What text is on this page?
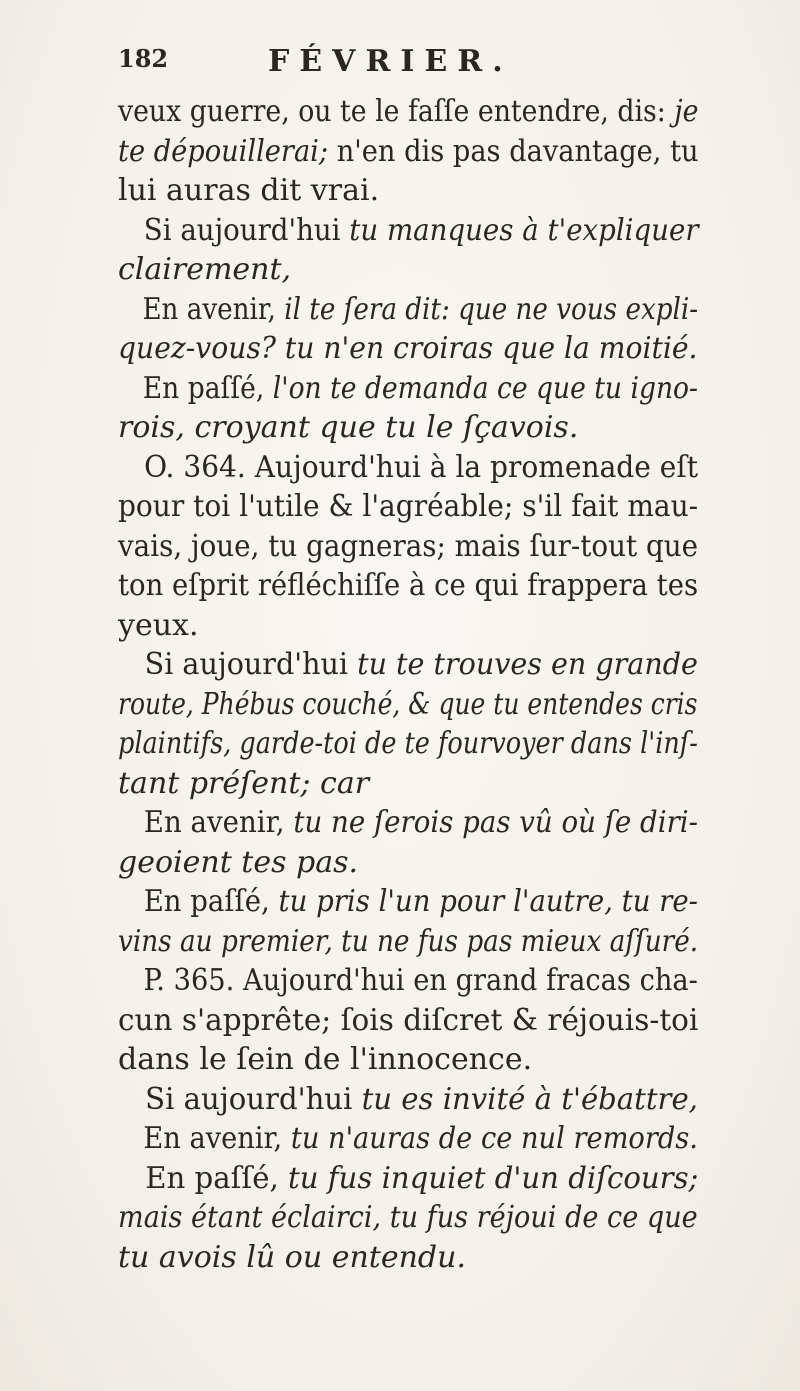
182	FÉVRIER.
veux guerre, ou te le faſſe entendre, dis: je
te dépouillerai; n'en dis pas davantage, tu
lui auras dit vrai.
Si aujourd'hui tu manques à t'expliquer
clairement,
En avenir, il te ſera dit: que ne vous expli-
quez-vous? tu n'en croiras que la moitié.
En paſſé, l'on te demanda ce que tu igno-
rois, croyant que tu le ſçavois.
O. 364. Aujourd'hui à la promenade eſt
pour toi l'utile & l'agréable; s'il fait mau-
vais, joue, tu gagneras; mais ſur-tout que
ton eſprit réfléchiſſe à ce qui frappera tes
yeux.
Si aujourd'hui tu te trouves en grande
route, Phébus couché, & que tu entendes cris
plaintifs, garde-toi de te fourvoyer dans l'inſ-
tant préſent; car
En avenir, tu ne ſerois pas vû où ſe diri-
geoient tes pas.
En paſſé, tu pris l'un pour l'autre, tu re-
vins au premier, tu ne fus pas mieux aſſuré.
P. 365. Aujourd'hui en grand fracas cha-
cun s'apprête; ſois diſcret & réjouis-toi
dans le ſein de l'innocence.
Si aujourd'hui tu es invité à t'ébattre,
En avenir, tu n'auras de ce nul remords.
En paſſé, tu fus inquiet d'un diſcours;
mais étant éclairci, tu fus réjoui de ce que
tu avois lû ou entendu.
